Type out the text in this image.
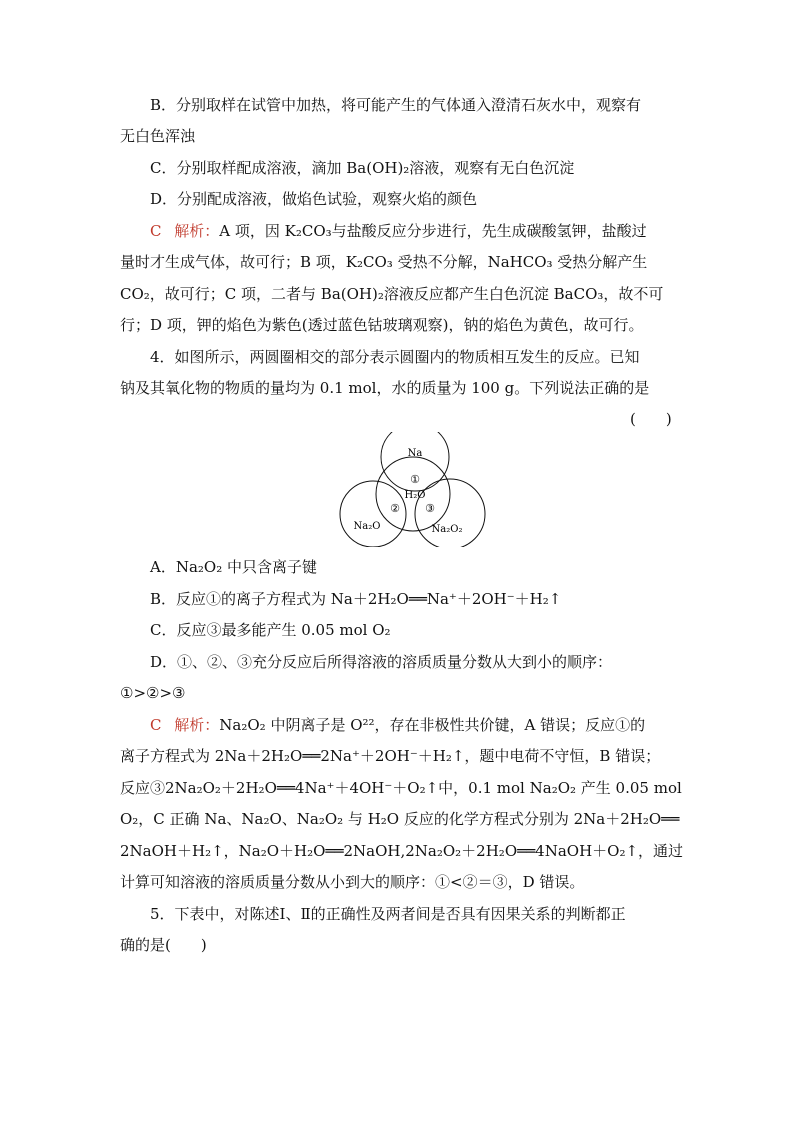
B．分别取样在试管中加热，将可能产生的气体通入澄清石灰水中，观察有
无白色浑浊
C．分别取样配成溶液，滴加 Ba(OH)₂溶液，观察有无白色沉淀
D．分别配成溶液，做焰色试验，观察火焰的颜色
C 解析：A 项，因 K₂CO₃与盐酸反应分步进行，先生成碳酸氢钾，盐酸过
量时才生成气体，故可行；B 项，K₂CO₃ 受热不分解，NaHCO₃ 受热分解产生
CO₂，故可行；C 项，二者与 Ba(OH)₂溶液反应都产生白色沉淀 BaCO₃，故不可
行；D 项，钾的焰色为紫色(透过蓝色钴玻璃观察)，钠的焰色为黄色，故可行。
4．如图所示，两圆圈相交的部分表示圆圈内的物质相互发生的反应。已知
钠及其氧化物的物质的量均为 0.1 mol，水的质量为 100 g。下列说法正确的是
(　　)
Na
①
H₂O
② ③
Na₂O	Na₂O₂
A．Na₂O₂ 中只含离子键
B．反应①的离子方程式为 Na＋2H₂O══Na⁺＋2OH⁻＋H₂↑
C．反应③最多能产生 0.05 mol O₂
D．①、②、③充分反应后所得溶液的溶质质量分数从大到小的顺序：
①>②>③
C 解析：Na₂O₂ 中阴离子是 O²²，存在非极性共价键，A 错误；反应①的
离子方程式为 2Na＋2H₂O══2Na⁺＋2OH⁻＋H₂↑，题中电荷不守恒，B 错误；
反应③2Na₂O₂＋2H₂O══4Na⁺＋4OH⁻＋O₂↑中，0.1 mol Na₂O₂ 产生 0.05 mol
O₂，C 正确 Na、Na₂O、Na₂O₂ 与 H₂O 反应的化学方程式分别为 2Na＋2H₂O══
2NaOH＋H₂↑，Na₂O＋H₂O══2NaOH,2Na₂O₂＋2H₂O══4NaOH＋O₂↑，通过
计算可知溶液的溶质质量分数从小到大的顺序：①<②＝③，D 错误。
5．下表中，对陈述Ⅰ、Ⅱ的正确性及两者间是否具有因果关系的判断都正
确的是(　　)
